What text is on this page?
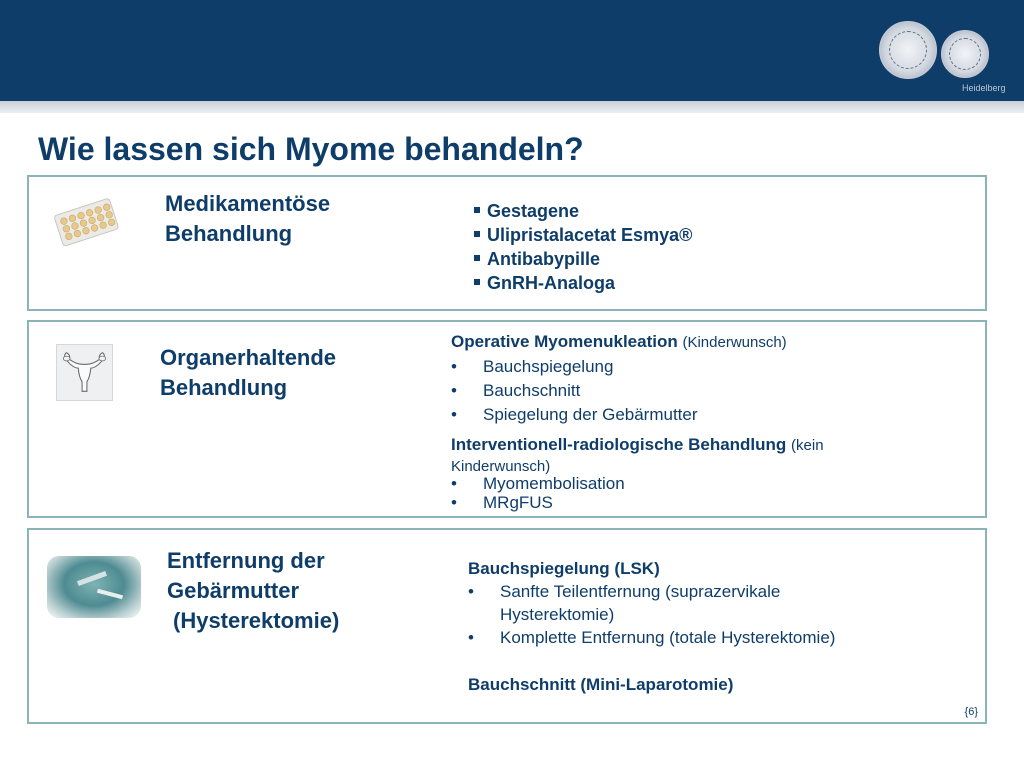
Heidelberg
Wie lassen sich Myome behandeln?
Medikamentöse
Behandlung
Gestagene
Ulipristalacetat Esmya®
Antibabypille
GnRH-Analoga
Organerhaltende
Behandlung
Operative Myomenukleation (Kinderwunsch)
• Bauchspiegelung
• Bauchschnitt
• Spiegelung der Gebärmutter
Interventionell-radiologische Behandlung (kein
Kinderwunsch)
• Myomembolisation
• MRgFUS
Entfernung der
Gebärmutter
(Hysterektomie)
Bauchspiegelung (LSK)
• Sanfte Teilentfernung (suprazervikale
Hysterektomie)
• Komplette Entfernung (totale Hysterektomie)
Bauchschnitt (Mini-Laparotomie)
{6}
